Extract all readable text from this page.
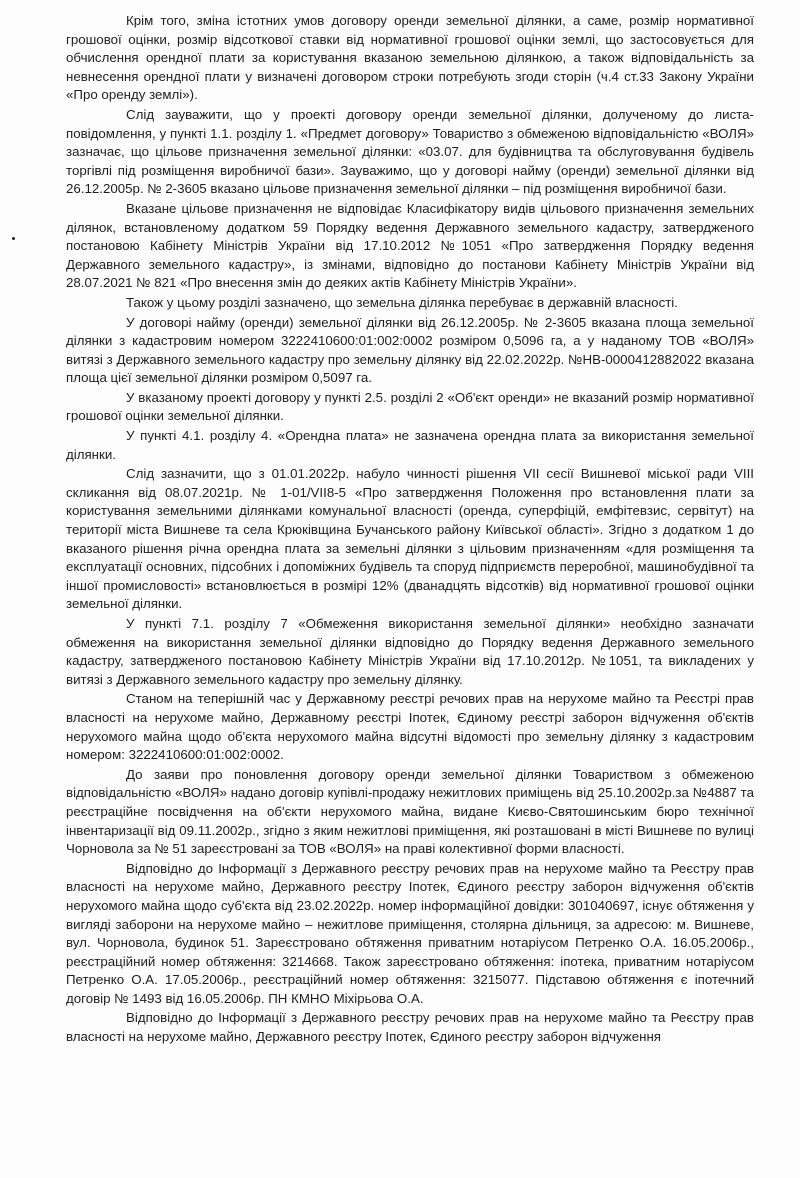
Крім того, зміна істотних умов договору оренди земельної ділянки, а саме, розмір нормативної грошової оцінки, розмір відсоткової ставки від нормативної грошової оцінки землі, що застосовується для обчислення орендної плати за користування вказаною земельною ділянкою, а також відповідальність за невнесення орендної плати у визначені договором строки потребують згоди сторін (ч.4 ст.33 Закону України «Про оренду землі»).

Слід зауважити, що у проекті договору оренди земельної ділянки, долученому до листа-повідомлення, у пункті 1.1. розділу 1. «Предмет договору» Товариство з обмеженою відповідальністю «ВОЛЯ» зазначає, що цільове призначення земельної ділянки: «03.07. для будівництва та обслуговування будівель торгівлі під розміщення виробничої бази». Зауважимо, що у договорі найму (оренди) земельної ділянки від 26.12.2005р. № 2-3605 вказано цільове призначення земельної ділянки – під розміщення виробничої бази.

Вказане цільове призначення не відповідає Класифікатору видів цільового призначення земельних ділянок, встановленому додатком 59 Порядку ведення Державного земельного кадастру, затвердженого постановою Кабінету Міністрів України від 17.10.2012 №1051 «Про затвердження Порядку ведення Державного земельного кадастру», із змінами, відповідно до постанови Кабінету Міністрів України від 28.07.2021 № 821 «Про внесення змін до деяких актів Кабінету Міністрів України».

Також у цьому розділі зазначено, що земельна ділянка перебуває в державній власності.

У договорі найму (оренди) земельної ділянки від 26.12.2005р. № 2-3605 вказана площа земельної ділянки з кадастровим номером 3222410600:01:002:0002 розміром 0,5096 га, а у наданому ТОВ «ВОЛЯ» витязі з Державного земельного кадастру про земельну ділянку від 22.02.2022р. №НВ-0000412882022 вказана площа цієї земельної ділянки розміром 0,5097 га.

У вказаному проекті договору у пункті 2.5. розділі 2 «Об'єкт оренди» не вказаний розмір нормативної грошової оцінки земельної ділянки.

У пункті 4.1. розділу 4. «Орендна плата» не зазначена орендна плата за використання земельної ділянки.

Слід зазначити, що з 01.01.2022р. набуло чинності рішення VII сесії Вишневої міської ради VIII скликання від 08.07.2021р. № 1-01/VII8-5 «Про затвердження Положення про встановлення плати за користування земельними ділянками комунальної власності (оренда, суперфіцій, емфітевзис, сервітут) на території міста Вишневе та села Крюківщина Бучанського району Київської області». Згідно з додатком 1 до вказаного рішення річна орендна плата за земельні ділянки з цільовим призначенням «для розміщення та експлуатації основних, підсобних і допоміжних будівель та споруд підприємств переробної, машинобудівної та іншої промисловості» встановлюється в розмірі 12% (дванадцять відсотків) від нормативної грошової оцінки земельної ділянки.

У пункті 7.1. розділу 7 «Обмеження використання земельної ділянки» необхідно зазначати обмеження на використання земельної ділянки відповідно до Порядку ведення Державного земельного кадастру, затвердженого постановою Кабінету Міністрів України від 17.10.2012р. №1051, та викладених у витязі з Державного земельного кадастру про земельну ділянку.

Станом на теперішній час у Державному реєстрі речових прав на нерухоме майно та Реєстрі прав власності на нерухоме майно, Державному реєстрі Іпотек, Єдиному реєстрі заборон відчуження об'єктів нерухомого майна щодо об'єкта нерухомого майна відсутні відомості про земельну ділянку з кадастровим номером: 3222410600:01:002:0002.

До заяви про поновлення договору оренди земельної ділянки Товариством з обмеженою відповідальністю «ВОЛЯ» надано договір купівлі-продажу нежитлових приміщень від 25.10.2002р.за №4887 та реєстраційне посвідчення на об'єкти нерухомого майна, видане Києво-Святошинським бюро технічної інвентаризації від 09.11.2002р., згідно з яким нежитлові приміщення, які розташовані в місті Вишневе по вулиці Чорновола за № 51 зареєстровані за ТОВ «ВОЛЯ» на праві колективної форми власності.

Відповідно до Інформації з Державного реєстру речових прав на нерухоме майно та Реєстру прав власності на нерухоме майно, Державного реєстру Іпотек, Єдиного реєстру заборон відчуження об'єктів нерухомого майна щодо суб'єкта від 23.02.2022р. номер інформаційної довідки: 301040697, існує обтяження у вигляді заборони на нерухоме майно – нежитлове приміщення, столярна дільниця, за адресою: м. Вишневе, вул. Чорновола, будинок 51. Зареєстровано обтяження приватним нотаріусом Петренко О.А. 16.05.2006р., реєстраційний номер обтяження: 3214668. Також зареєстровано обтяження: іпотека, приватним нотаріусом Петренко О.А. 17.05.2006р., реєстраційний номер обтяження: 3215077. Підставою обтяження є іпотечний договір № 1493 від 16.05.2006р. ПН КМНО Міхірьова О.А.

Відповідно до Інформації з Державного реєстру речових прав на нерухоме майно та Реєстру прав власності на нерухоме майно, Державного реєстру Іпотек, Єдиного реєстру заборон відчуження
